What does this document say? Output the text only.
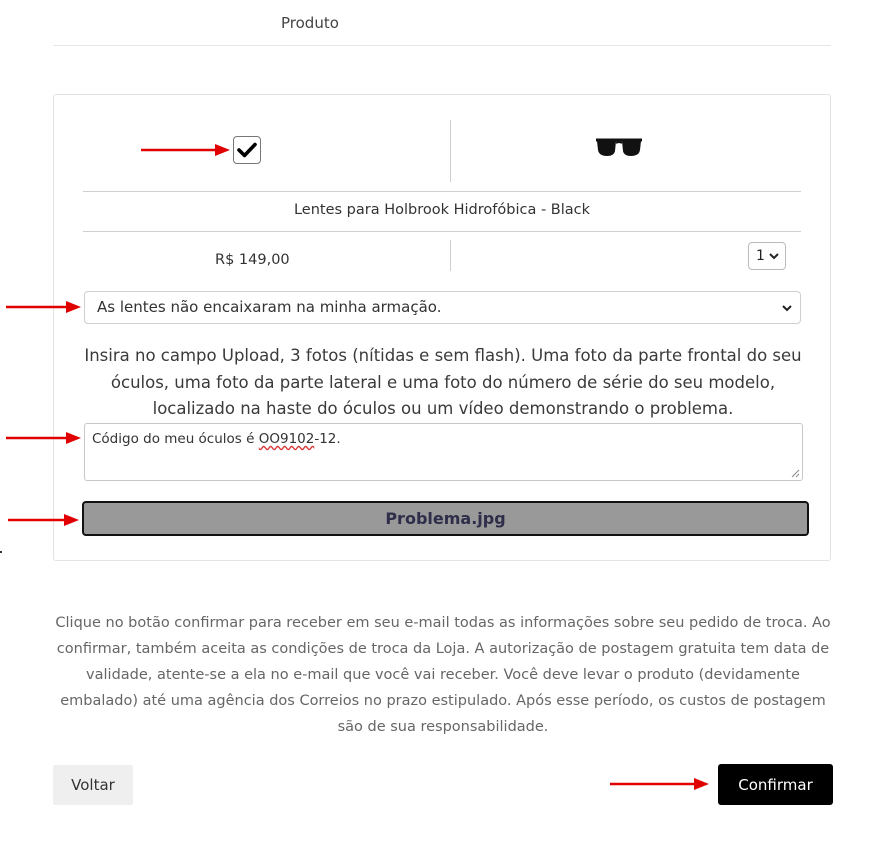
Produto
Lentes para Holbrook Hidrofóbica - Black
R$ 149,00	1
As lentes não encaixaram na minha armação.
Insira no campo Upload, 3 fotos (nítidas e sem flash). Uma foto da parte frontal do seu óculos, uma foto da parte lateral e uma foto do número de série do seu modelo, localizado na haste do óculos ou um vídeo demonstrando o problema.
Código do meu óculos é OO9102-12.
Problema.jpg
Clique no botão confirmar para receber em seu e-mail todas as informações sobre seu pedido de troca. Ao confirmar, também aceita as condições de troca da Loja. A autorização de postagem gratuita tem data de validade, atente-se a ela no e-mail que você vai receber. Você deve levar o produto (devidamente embalado) até uma agência dos Correios no prazo estipulado. Após esse período, os custos de postagem são de sua responsabilidade.
Voltar	Confirmar
